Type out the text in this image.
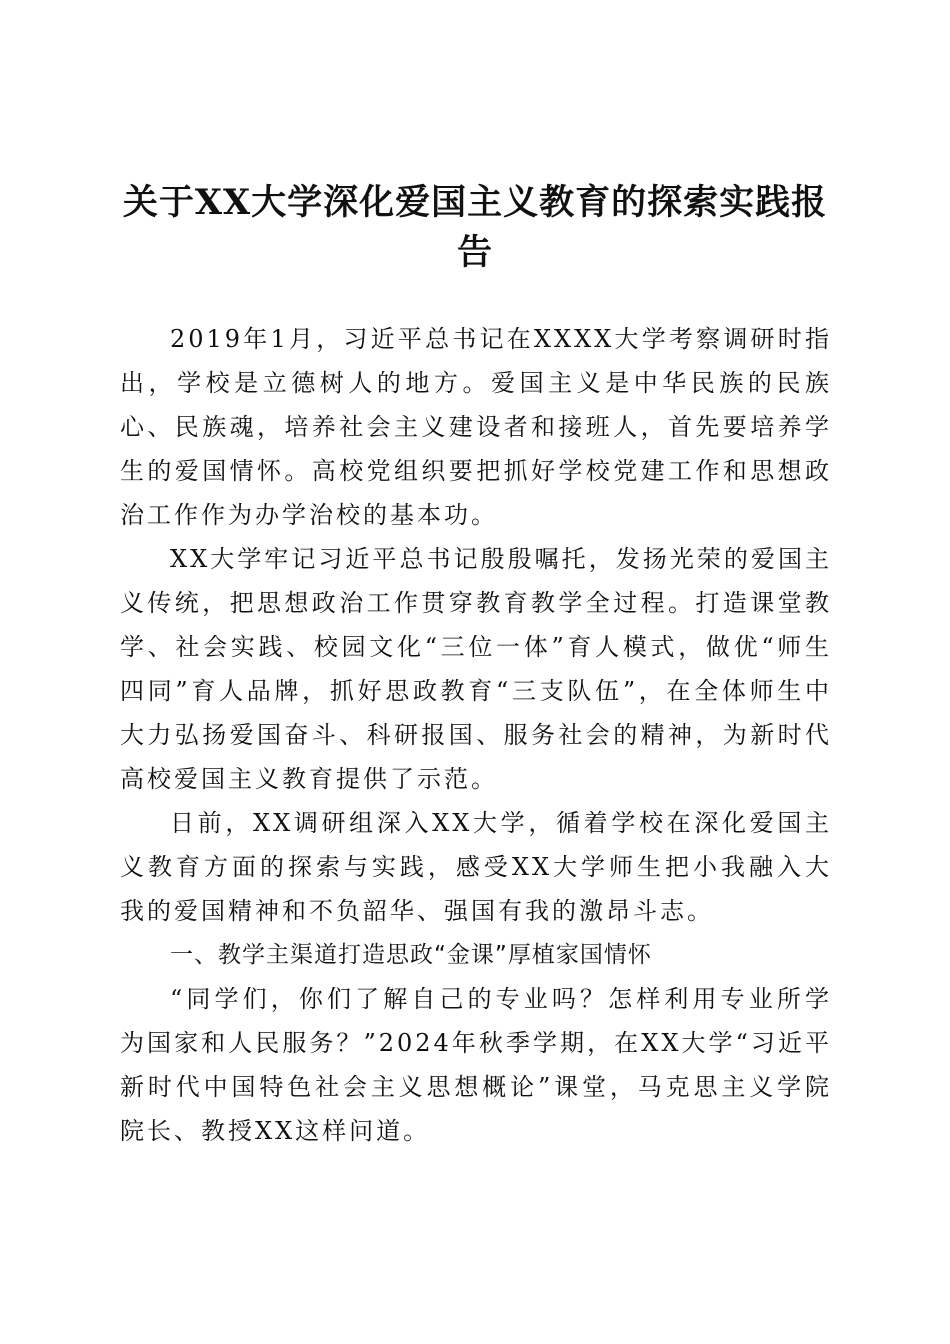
关于XX大学深化爱国主义教育的探索实践报告

2019年1月，习近平总书记在XXXX大学考察调研时指出，学校是立德树人的地方。爱国主义是中华民族的民族心、民族魂，培养社会主义建设者和接班人，首先要培养学生的爱国情怀。高校党组织要把抓好学校党建工作和思想政治工作作为办学治校的基本功。

XX大学牢记习近平总书记殷殷嘱托，发扬光荣的爱国主义传统，把思想政治工作贯穿教育教学全过程。打造课堂教学、社会实践、校园文化“三位一体”育人模式，做优“师生四同”育人品牌，抓好思政教育“三支队伍”，在全体师生中大力弘扬爱国奋斗、科研报国、服务社会的精神，为新时代高校爱国主义教育提供了示范。

日前，XX调研组深入XX大学，循着学校在深化爱国主义教育方面的探索与实践，感受XX大学师生把小我融入大我的爱国精神和不负韶华、强国有我的激昂斗志。

一、教学主渠道打造思政“金课”厚植家国情怀

“同学们，你们了解自己的专业吗？怎样利用专业所学为国家和人民服务？”2024年秋季学期，在XX大学“习近平新时代中国特色社会主义思想概论”课堂，马克思主义学院院长、教授XX这样问道。
